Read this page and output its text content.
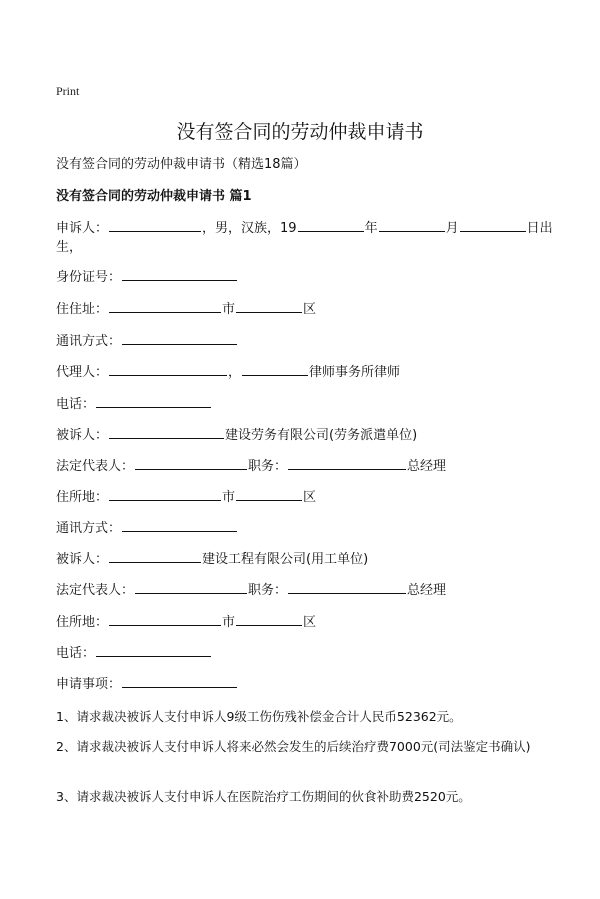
Print
没有签合同的劳动仲裁申请书
没有签合同的劳动仲裁申请书（精选18篇）
没有签合同的劳动仲裁申请书 篇1
申诉人：	，男，汉族，19	年	月	日出生，
身份证号：
住住址：	市	区
通讯方式：
代理人：	，	律师事务所律师
电话：
被诉人：	建设劳务有限公司(劳务派遣单位)
法定代表人：	职务：	总经理
住所地：	市	区
通讯方式：
被诉人：	建设工程有限公司(用工单位)
法定代表人：	职务：	总经理
住所地：	市	区
电话：
申请事项：
1、请求裁决被诉人支付申诉人9级工伤伤残补偿金合计人民币52362元。
2、请求裁决被诉人支付申诉人将来必然会发生的后续治疗费7000元(司法鉴定书确认)
3、请求裁决被诉人支付申诉人在医院治疗工伤期间的伙食补助费2520元。
